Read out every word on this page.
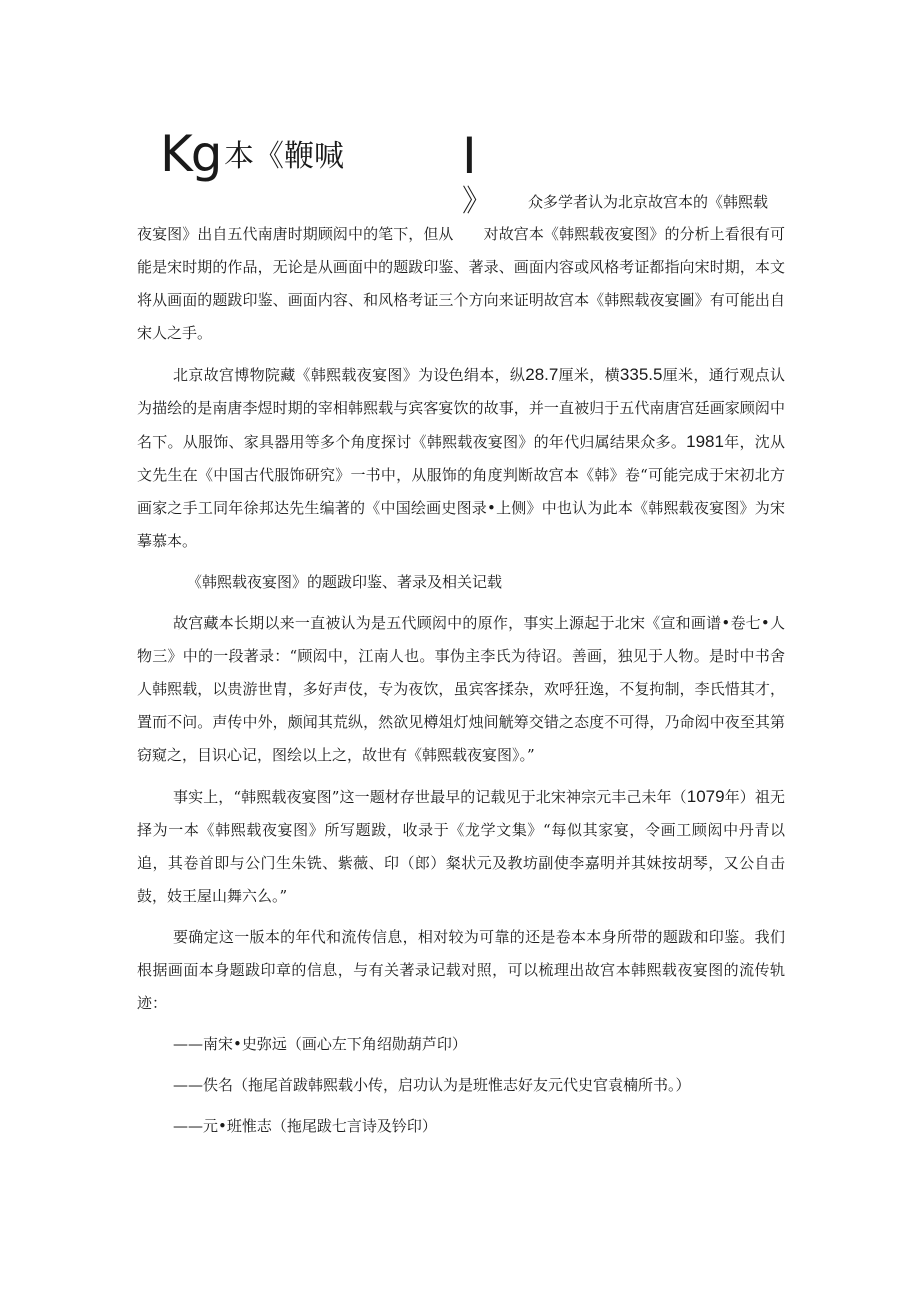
Kg 本《鞭喊 I
》 众多学者认为北京故宫本的《韩熙载

夜宴图》出自五代南唐时期顾闳中的笔下，但从　　对故宫本《韩熙载夜宴图》的分析上看很有可能是宋时期的作品，无论是从画面中的题跋印鉴、著录、画面内容或风格考证都指向宋时期，本文将从画面的题跋印鉴、画面内容、和风格考证三个方向来证明故宫本《韩熙载夜宴圖》有可能出自宋人之手。

北京故宫博物院藏《韩熙载夜宴图》为设色绢本，纵28.7厘米，横335.5厘米，通行观点认为描绘的是南唐李煜时期的宰相韩熙载与宾客宴饮的故事，并一直被归于五代南唐宫廷画家顾闳中名下。从服饰、家具器用等多个角度探讨《韩熙载夜宴图》的年代归属结果众多。1981年，沈从文先生在《中国古代服饰研究》一书中，从服饰的角度判断故宫本《韩》卷“可能完成于宋初北方画家之手工同年徐邦达先生编著的《中国绘画史图录•上侧》中也认为此本《韩熙载夜宴图》为宋摹慕本。

《韩熙载夜宴图》的题跋印鉴、著录及相关记载

故宫藏本长期以来一直被认为是五代顾闳中的原作，事实上源起于北宋《宣和画谱•卷七•人物三》中的一段著录：“顾闳中，江南人也。事伪主李氏为待诏。善画，独见于人物。是时中书舍人韩熙载，以贵游世胄，多好声伎，专为夜饮，虽宾客揉杂，欢呼狂逸，不复拘制，李氏惜其才，置而不问。声传中外，颇闻其荒纵，然欲见樽俎灯烛间觥筹交错之态度不可得，乃命闳中夜至其第窃窥之，目识心记，图绘以上之，故世有《韩熙载夜宴图》。”

事实上，“韩熙载夜宴图”这一题材存世最早的记载见于北宋神宗元丰己未年（1079年）祖无择为一本《韩熙载夜宴图》所写题跋，收录于《龙学文集》“每似其家宴，令画工顾闳中丹青以追，其卷首即与公门生朱铣、紫薇、印（郎）粲状元及教坊副使李嘉明并其妹按胡琴，又公自击鼓，妓王屋山舞六么。”

要确定这一版本的年代和流传信息，相对较为可靠的还是卷本本身所带的题跋和印鉴。我们根据画面本身题跋印章的信息，与有关著录记载对照，可以梳理出故宫本韩熙载夜宴图的流传轨迹：

——南宋•史弥远（画心左下角绍勋葫芦印）

——佚名（拖尾首跋韩熙载小传，启功认为是班惟志好友元代史官袁楠所书。）

——元•班惟志（拖尾跋七言诗及钤印）
